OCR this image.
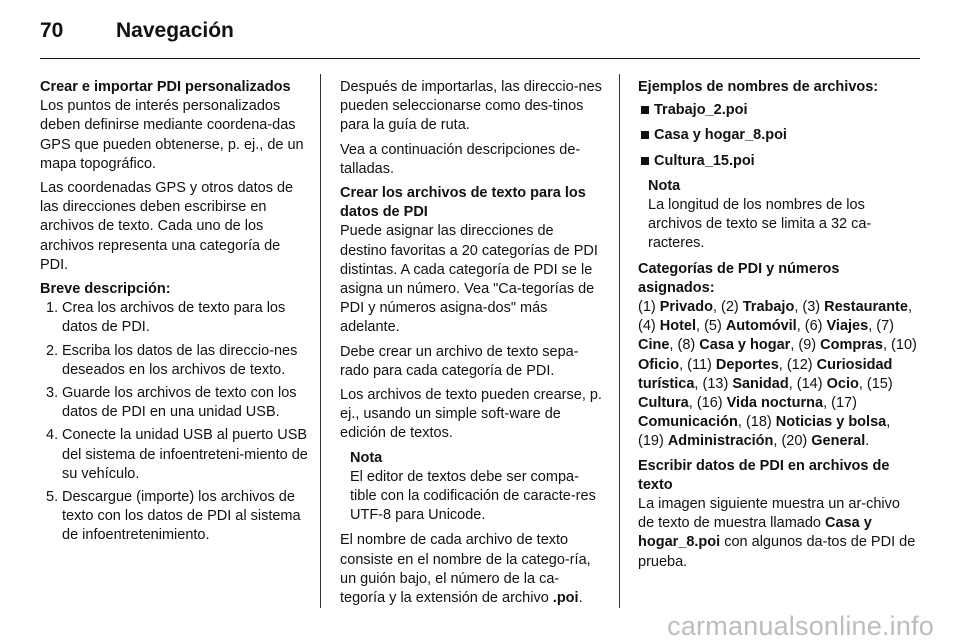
70	Navegación

Crear e importar PDI personalizados

Los puntos de interés personalizados deben definirse mediante coordena-das GPS que pueden obtenerse, p. ej., de un mapa topográfico.

Las coordenadas GPS y otros datos de las direcciones deben escribirse en archivos de texto. Cada uno de los archivos representa una categoría de PDI.

Breve descripción:

1. Crea los archivos de texto para los datos de PDI.
2. Escriba los datos de las direccio-nes deseados en los archivos de texto.
3. Guarde los archivos de texto con los datos de PDI en una unidad USB.
4. Conecte la unidad USB al puerto USB del sistema de infoentreteni-miento de su vehículo.
5. Descargue (importe) los archivos de texto con los datos de PDI al sistema de infoentretenimiento.

Después de importarlas, las direccio-nes pueden seleccionarse como des-tinos para la guía de ruta.

Vea a continuación descripciones de-talladas.

Crear los archivos de texto para los datos de PDI

Puede asignar las direcciones de destino favoritas a 20 categorías de PDI distintas. A cada categoría de PDI se le asigna un número. Vea "Ca-tegorías de PDI y números asigna-dos" más adelante.

Debe crear un archivo de texto sepa-rado para cada categoría de PDI.

Los archivos de texto pueden crearse, p. ej., usando un simple soft-ware de edición de textos.

Nota
El editor de textos debe ser compa-tible con la codificación de caracte-res UTF-8 para Unicode.

El nombre de cada archivo de texto consiste en el nombre de la catego-ría, un guión bajo, el número de la ca-tegoría y la extensión de archivo .poi.

Ejemplos de nombres de archivos:

Trabajo_2.poi
Casa y hogar_8.poi
Cultura_15.poi
Nota
La longitud de los nombres de los archivos de texto se limita a 32 ca-racteres.

Categorías de PDI y números asignados:

(1) Privado, (2) Trabajo, (3) Restaurante, (4) Hotel, (5) Automóvil, (6) Viajes, (7) Cine, (8) Casa y hogar, (9) Compras, (10) Oficio, (11) Deportes, (12) Curiosidad turística, (13) Sanidad, (14) Ocio, (15) Cultura, (16) Vida nocturna, (17) Comunicación, (18) Noticias y bolsa, (19) Administración, (20) General.

Escribir datos de PDI en archivos de texto

La imagen siguiente muestra un ar-chivo de texto de muestra llamado Casa y hogar_8.poi con algunos da-tos de PDI de prueba.

carmanualsonline.info
